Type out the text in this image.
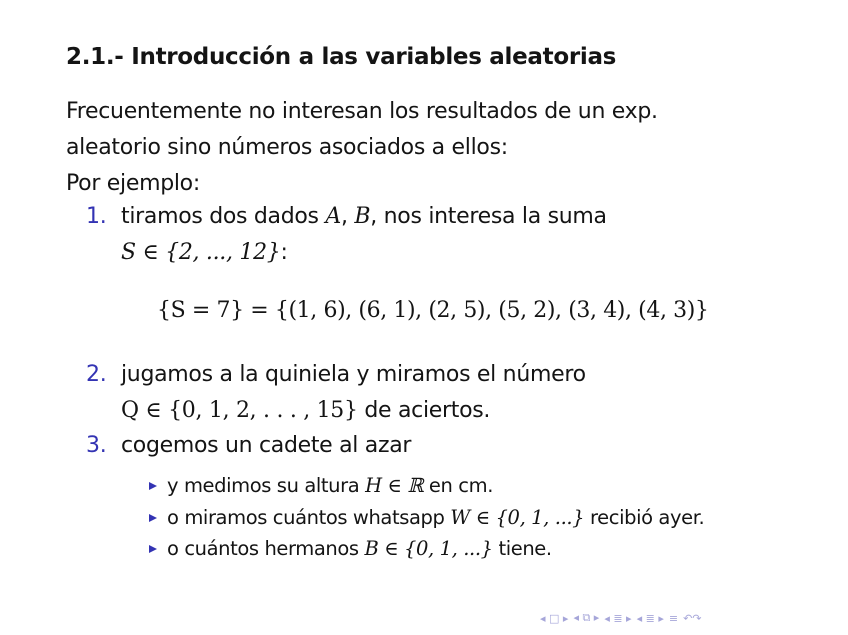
2.1.- Introducción a las variables aleatorias
Frecuentemente no interesan los resultados de un exp.
aleatorio sino números asociados a ellos:
Por ejemplo:
1. tiramos dos dados A, B, nos interesa la suma
S ∈ {2, ..., 12}:
{S = 7} = {(1, 6), (6, 1), (2, 5), (5, 2), (3, 4), (4, 3)}
2. jugamos a la quiniela y miramos el número
Q ∈ {0, 1, 2, . . . , 15} de aciertos.
3. cogemos un cadete al azar
y medimos su altura H ∈ ℝ en cm.
o miramos cuántos whatsapp W ∈ {0, 1, ...} recibió ayer.
o cuántos hermanos B ∈ {0, 1, ...} tiene.
◂ □ ▸ ◂ ⧉ ▸ ◂ ≣ ▸ ◂ ≣ ▸ ≡ ↶↷
